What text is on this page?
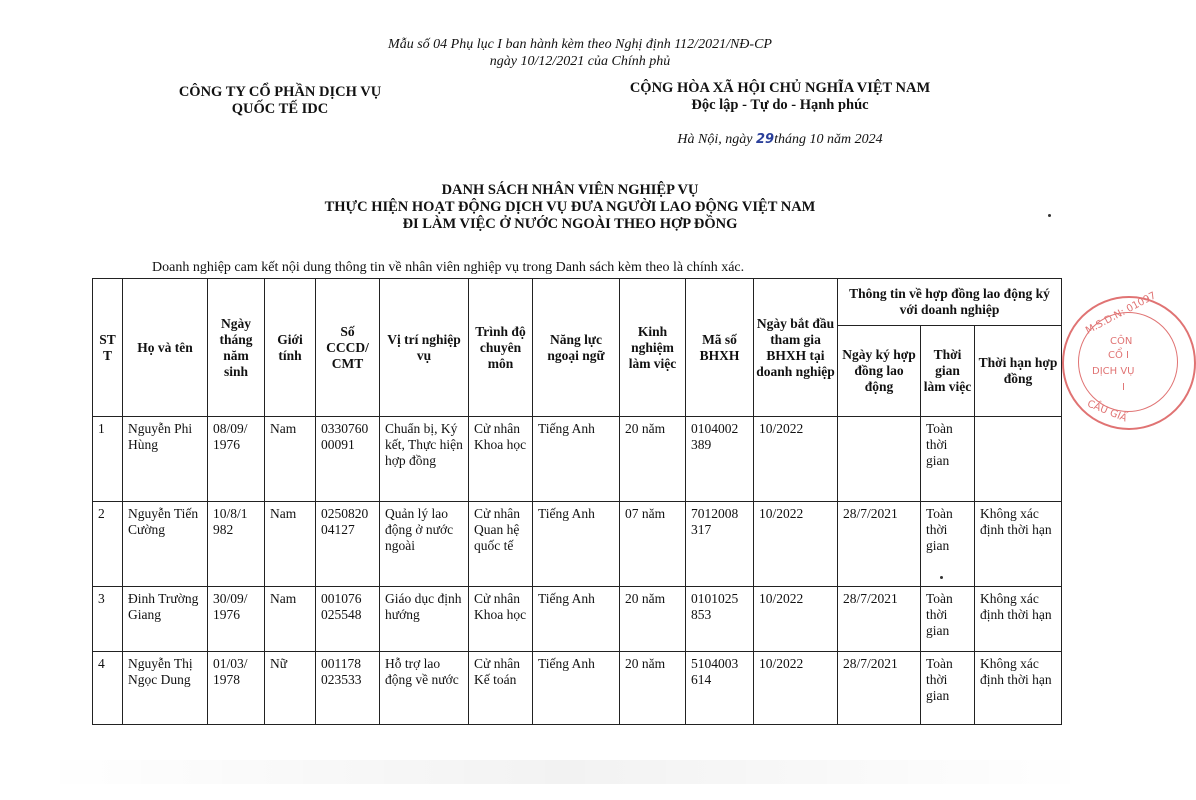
Mẫu số 04 Phụ lục I ban hành kèm theo Nghị định 112/2021/NĐ-CP
ngày 10/12/2021 của Chính phủ
CÔNG TY CỔ PHẦN DỊCH VỤ
QUỐC TẾ IDC
CỘNG HÒA XÃ HỘI CHỦ NGHĨA VIỆT NAM
Độc lập - Tự do - Hạnh phúc
Hà Nội, ngày 29tháng 10 năm 2024
DANH SÁCH NHÂN VIÊN NGHIỆP VỤ
THỰC HIỆN HOẠT ĐỘNG DỊCH VỤ ĐƯA NGƯỜI LAO ĐỘNG VIỆT NAM
ĐI LÀM VIỆC Ở NƯỚC NGOÀI THEO HỢP ĐỒNG
Doanh nghiệp cam kết nội dung thông tin về nhân viên nghiệp vụ trong Danh sách kèm theo là chính xác.
STT	Họ và tên	Ngày tháng năm sinh	Giới tính	Số CCCD/ CMT	Vị trí nghiệp vụ	Trình độ chuyên môn	Năng lực ngoại ngữ	Kinh nghiệm làm việc	Mã số BHXH	Ngày bắt đầu tham gia BHXH tại doanh nghiệp	Thông tin về hợp đồng lao động ký với doanh nghiệp		
											Ngày ký hợp đồng lao động	Thời gian làm việc	Thời hạn hợp đồng
1	Nguyễn Phi Hùng	08/09/ 1976	Nam	0330760 00091	Chuẩn bị, Ký kết, Thực hiện hợp đồng	Cử nhân Khoa học	Tiếng Anh	20 năm	0104002 389	10/2022		Toàn thời gian	
2	Nguyễn Tiến Cường	10/8/1 982	Nam	0250820 04127	Quản lý lao động ở nước ngoài	Cử nhân Quan hệ quốc tế	Tiếng Anh	07 năm	7012008 317	10/2022	28/7/2021	Toàn thời gian	Không xác định thời hạn
3	Đinh Trường Giang	30/09/ 1976	Nam	001076 025548	Giáo dục định hướng	Cử nhân Khoa học	Tiếng Anh	20 năm	0101025 853	10/2022	28/7/2021	Toàn thời gian	Không xác định thời hạn
4	Nguyễn Thị Ngọc Dung	01/03/ 1978	Nữ	001178 023533	Hỗ trợ lao động về nước	Cử nhân Kế toán	Tiếng Anh	20 năm	5104003 614	10/2022	28/7/2021	Toàn thời gian	Không xác định thời hạn
M.S.D.N: 01097
CÔN
CỔ I
DỊCH VỤ
I
CẦU GIẤ
